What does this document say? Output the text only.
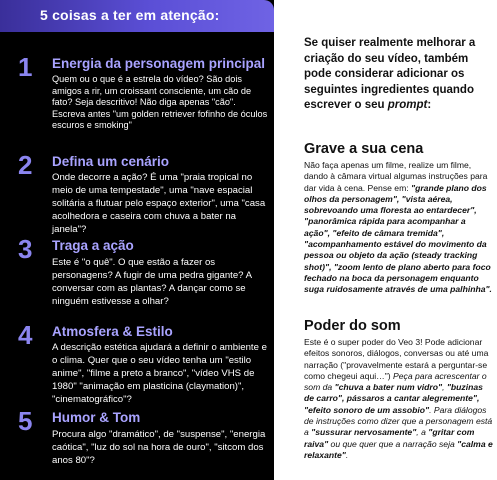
5 coisas a ter em atenção:
1 Energia da personagem principal
Quem ou o que é a estrela do vídeo? São dois amigos a rir, um croissant consciente, um cão de fato? Seja descritivo! Não diga apenas "cão". Escreva antes "um golden retriever fofinho de óculos escuros e smoking"
2 Defina um cenário
Onde decorre a ação? É uma "praia tropical no meio de uma tempestade", uma "nave espacial solitária a flutuar pelo espaço exterior", uma "casa acolhedora e caseira com chuva a bater na janela"?
3 Traga a ação
Este é "o quê". O que estão a fazer os personagens? A fugir de uma pedra gigante? A conversar com as plantas? A dançar como se ninguém estivesse a olhar?
4 Atmosfera & Estilo
A descrição estética ajudará a definir o ambiente e o clima. Quer que o seu vídeo tenha um "estilo anime", "filme a preto a branco", "vídeo VHS de 1980" "animação em plasticina (claymation)", "cinematográfico"?
5 Humor & Tom
Procura algo "dramático", de "suspense", "energia caótica", "luz do sol na hora de ouro", "sitcom dos anos 80"?
Se quiser realmente melhorar a criação do seu vídeo, também pode considerar adicionar os seguintes ingredientes quando escrever o seu prompt:
Grave a sua cena
Não faça apenas um filme, realize um filme, dando à câmara virtual algumas instruções para dar vida à cena. Pense em: "grande plano dos olhos da personagem", "vista aérea, sobrevoando uma floresta ao entardecer", "panorâmica rápida para acompanhar a ação", "efeito de câmara tremida", "acompanhamento estável do movimento da pessoa ou objeto da ação (steady tracking shot)", "zoom lento de plano aberto para foco fechado na boca da personagem enquanto suga ruidosamente através de uma palhinha".
Poder do som
Este é o super poder do Veo 3! Pode adicionar efeitos sonoros, diálogos, conversas ou até uma narração ("provavelmente estará a perguntar-se como chegeui aqui…") Peça para acrescentar o som da "chuva a bater num vidro", "buzinas de carro", pássaros a cantar alegremente", "efeito sonoro de um assobio". Para diálogos de instruções como dizer que a personagem está a "sussurar nervosamente", a "gritar com raiva" ou que quer que a narração seja "calma e relaxante".
